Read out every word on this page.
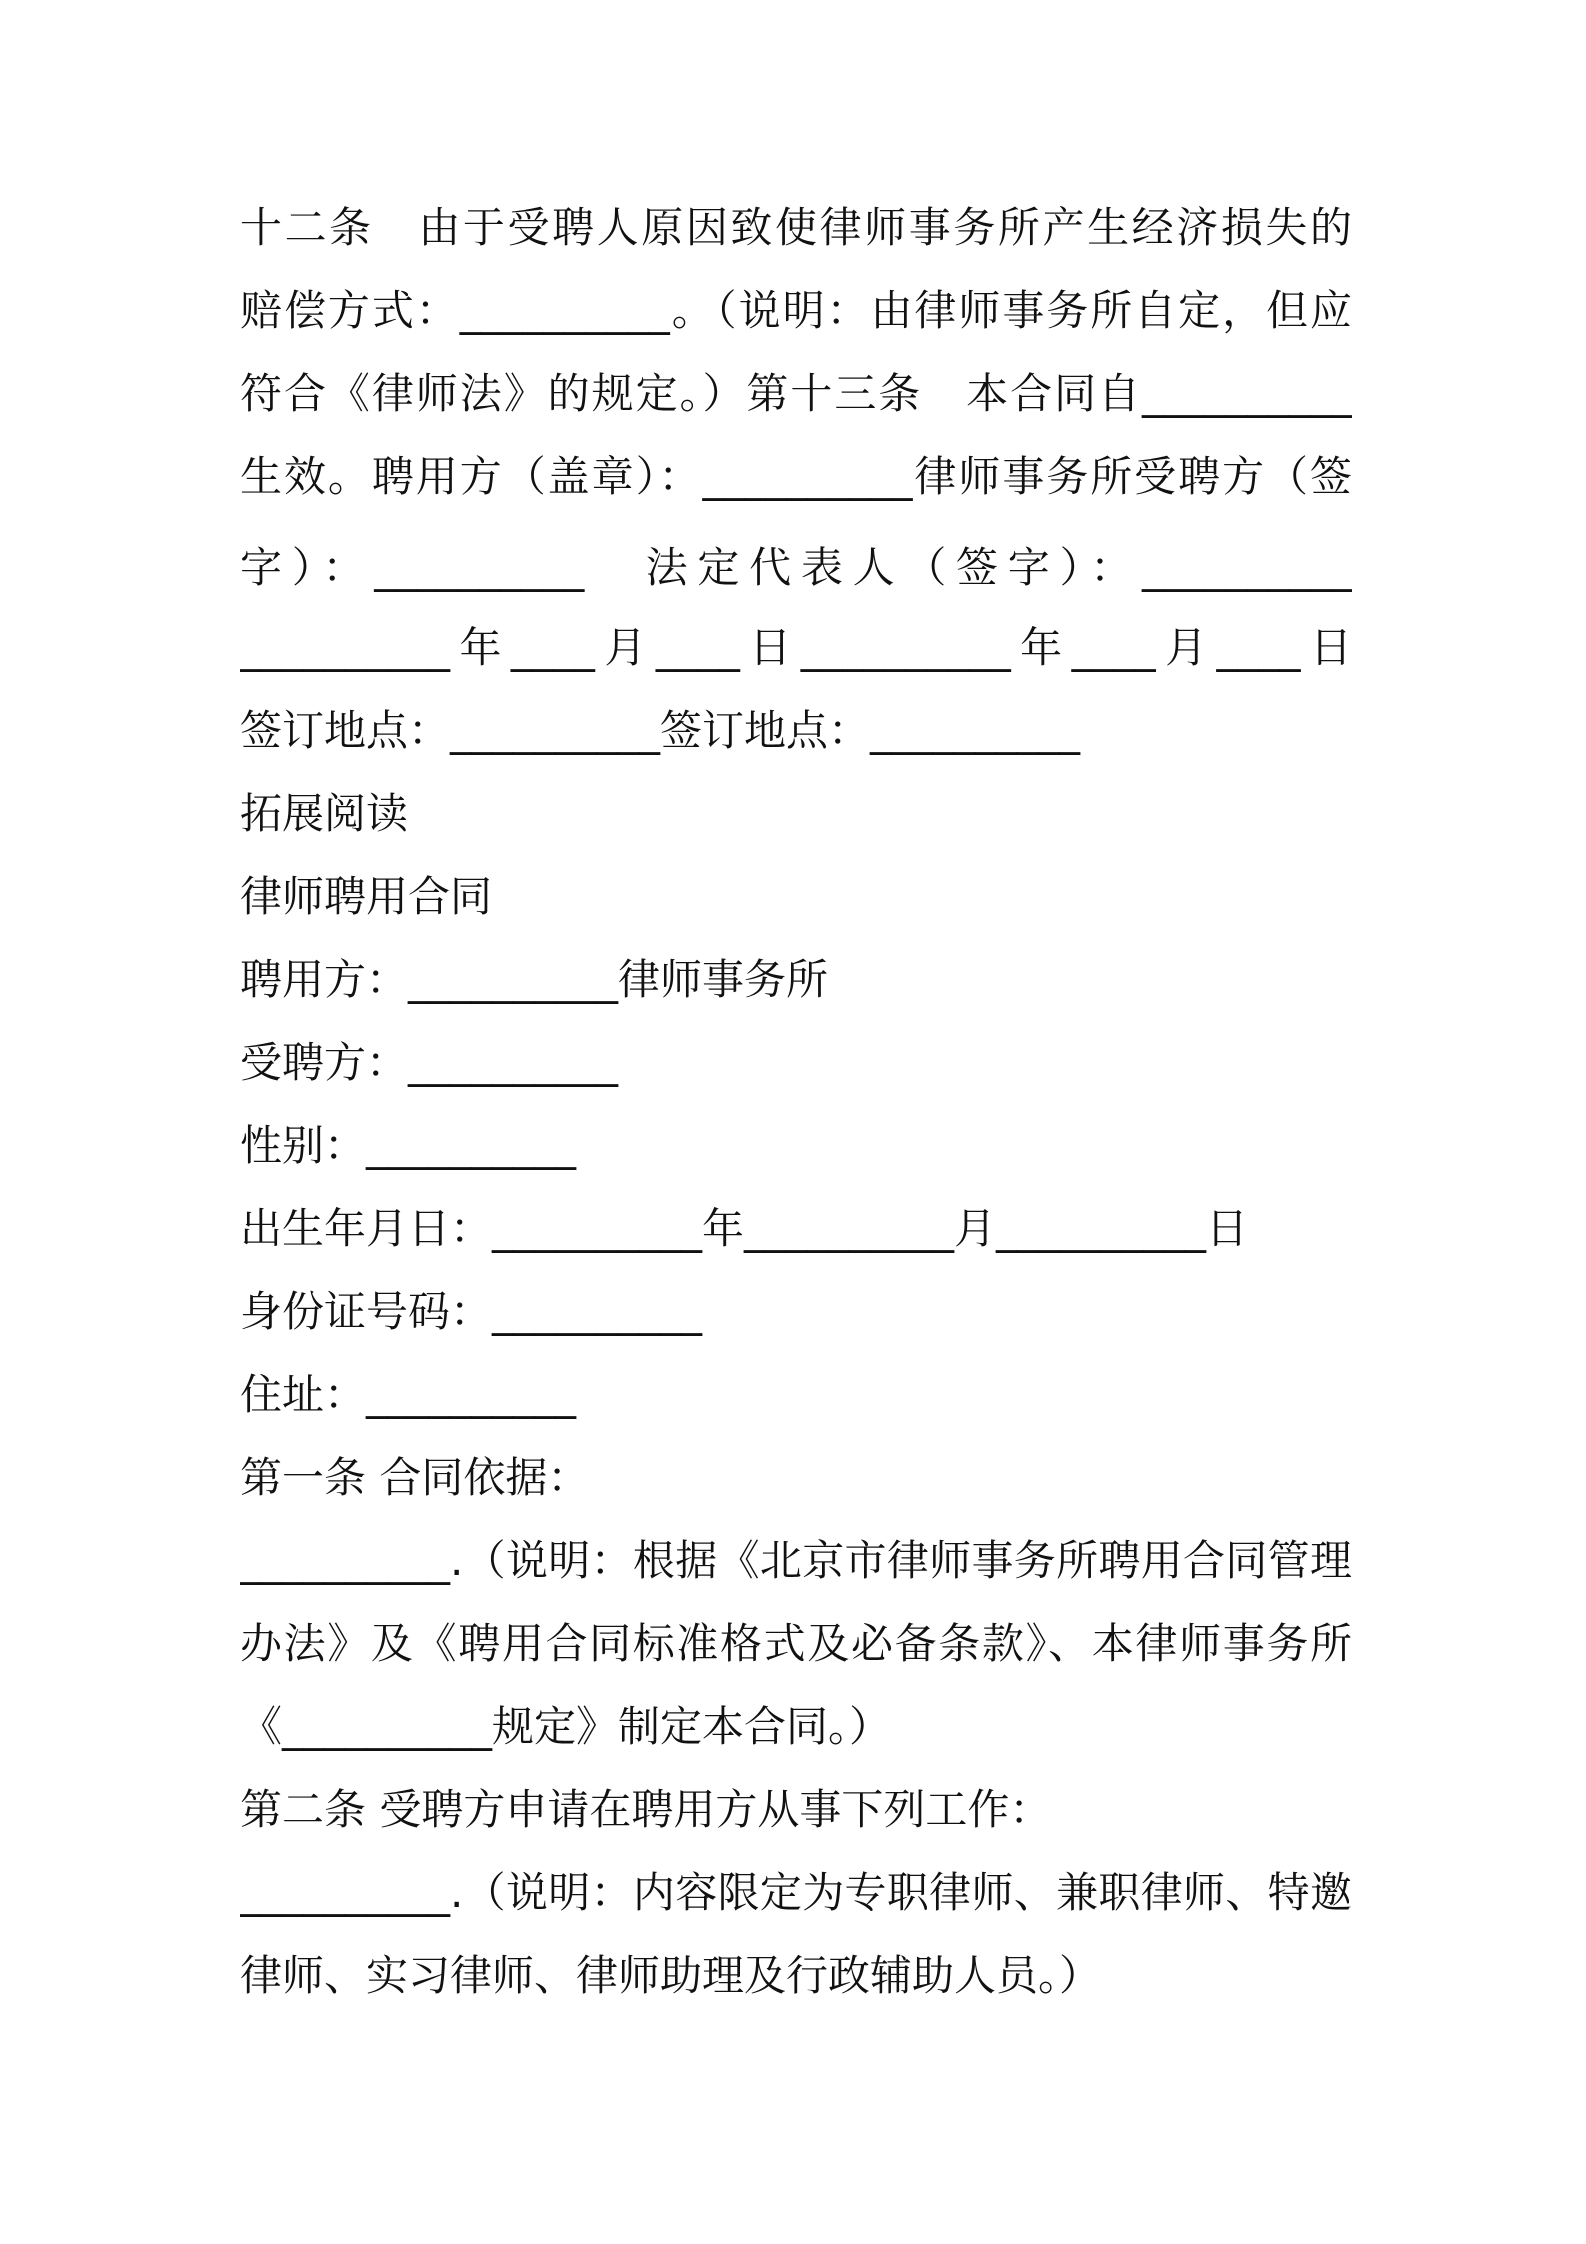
十二条　由于受聘人原因致使律师事务所产生经济损失的
赔偿方式：__________。（说明：由律师事务所自定，但应
符合《律师法》的规定。）第十三条　本合同自__________
生效。聘用方（盖章）：__________律师事务所受聘方（签
字）：__________　法定代表人（签字）：__________
__________年____月____日__________年____月____日
签订地点：__________签订地点：__________
拓展阅读
律师聘用合同
聘用方：__________律师事务所
受聘方：__________
性别：__________
出生年月日：__________年__________月__________日
身份证号码：__________
住址：__________
第一条 合同依据：
__________.（说明：根据《北京市律师事务所聘用合同管理
办法》及《聘用合同标准格式及必备条款》、本律师事务所
《__________规定》制定本合同。）
第二条 受聘方申请在聘用方从事下列工作：
__________.（说明：内容限定为专职律师、兼职律师、特邀
律师、实习律师、律师助理及行政辅助人员。）
